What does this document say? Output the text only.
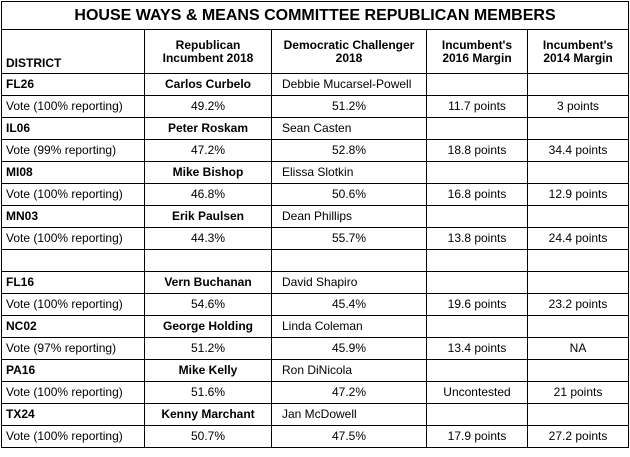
HOUSE WAYS & MEANS COMMITTEE REPUBLICAN MEMBERS				
DISTRICT	Republican Incumbent 2018	Democratic Challenger 2018	Incumbent's 2016 Margin	Incumbent's 2014 Margin
FL26	Carlos Curbelo	Debbie Mucarsel-Powell		
Vote (100% reporting)	49.2%	51.2%	11.7 points	3 points
IL06	Peter Roskam	Sean Casten		
Vote (99% reporting)	47.2%	52.8%	18.8 points	34.4 points
MI08	Mike Bishop	Elissa Slotkin		
Vote (100% reporting)	46.8%	50.6%	16.8 points	12.9 points
MN03	Erik Paulsen	Dean Phillips		
Vote (100% reporting)	44.3%	55.7%	13.8 points	24.4 points

FL16	Vern Buchanan	David Shapiro		
Vote (100% reporting)	54.6%	45.4%	19.6 points	23.2 points
NC02	George Holding	Linda Coleman		
Vote (97% reporting)	51.2%	45.9%	13.4 points	NA
PA16	Mike Kelly	Ron DiNicola		
Vote (100% reporting)	51.6%	47.2%	Uncontested	21 points
TX24	Kenny Marchant	Jan McDowell		
Vote (100% reporting)	50.7%	47.5%	17.9 points	27.2 points
